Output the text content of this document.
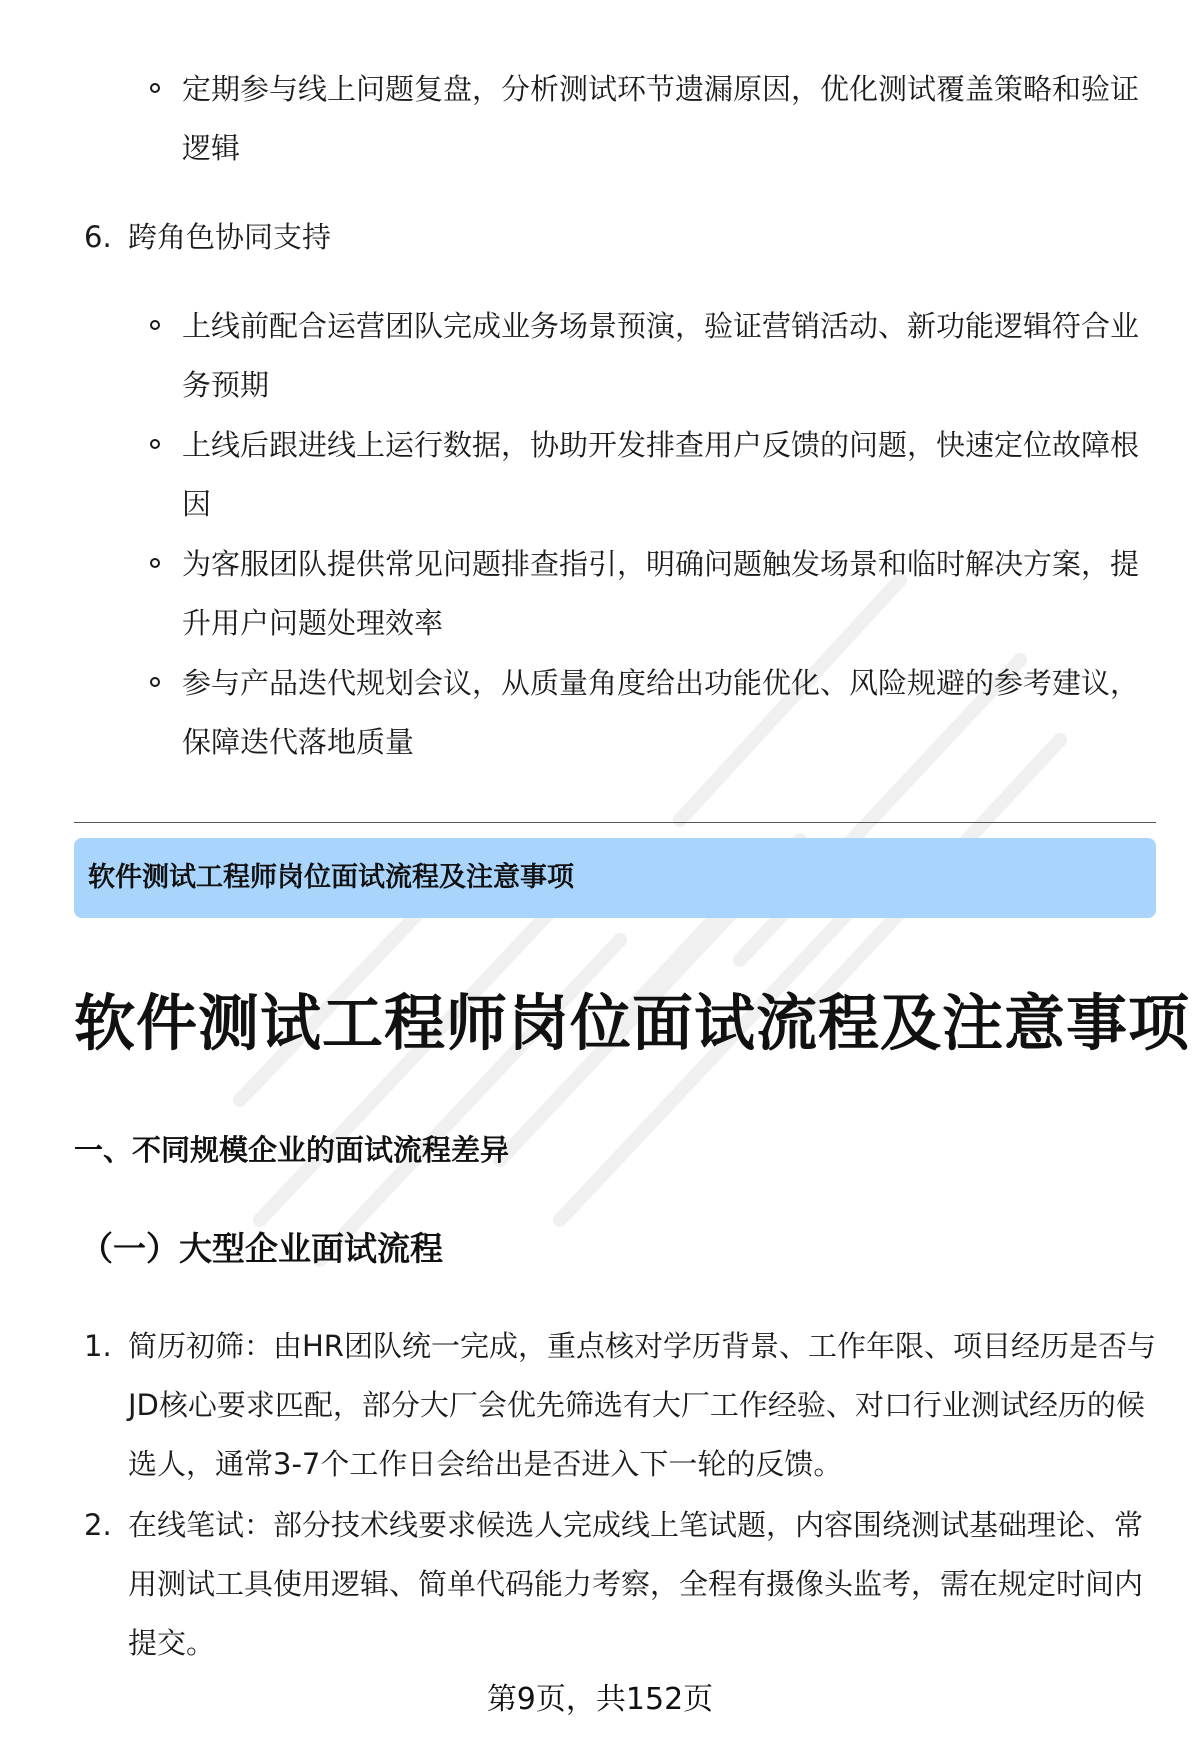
定期参与线上问题复盘，分析测试环节遗漏原因，优化测试覆盖策略和验证逻辑
6. 跨角色协同支持
上线前配合运营团队完成业务场景预演，验证营销活动、新功能逻辑符合业务预期
上线后跟进线上运行数据，协助开发排查用户反馈的问题，快速定位故障根因
为客服团队提供常见问题排查指引，明确问题触发场景和临时解决方案，提升用户问题处理效率
参与产品迭代规划会议，从质量角度给出功能优化、风险规避的参考建议，保障迭代落地质量
软件测试工程师岗位面试流程及注意事项
软件测试工程师岗位面试流程及注意事项
一、不同规模企业的面试流程差异
（一）大型企业面试流程
1. 简历初筛：由HR团队统一完成，重点核对学历背景、工作年限、项目经历是否与JD核心要求匹配，部分大厂会优先筛选有大厂工作经验、对口行业测试经历的候选人，通常3-7个工作日会给出是否进入下一轮的反馈。
2. 在线笔试：部分技术线要求候选人完成线上笔试题，内容围绕测试基础理论、常用测试工具使用逻辑、简单代码能力考察，全程有摄像头监考，需在规定时间内提交。
第9页，共152页
